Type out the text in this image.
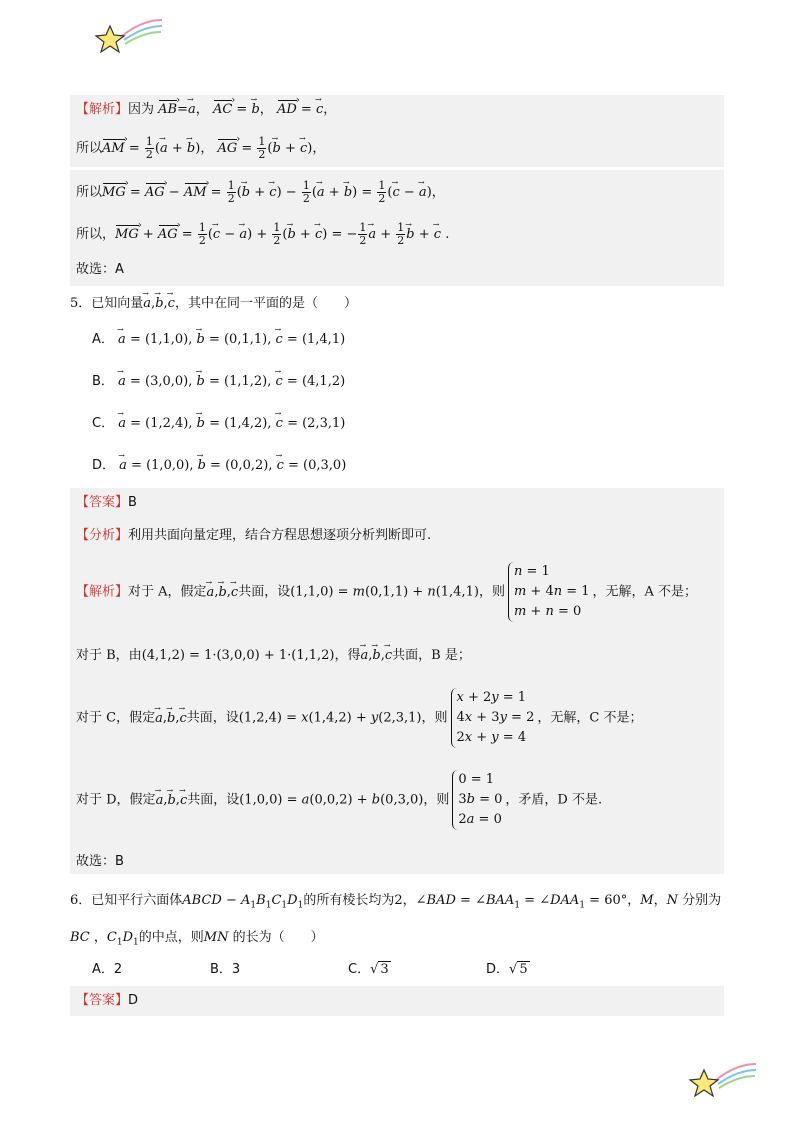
【解析】因为 AB ›=a →， AC › = b →， AD › = c →，
所以AM › = $\frac{1}{2} (a$ → + b →)， AG › = $\frac{1}{2} (b$ → + c →)，
所以MG › = AG › − AM › = $\frac{1}{2} (b$ → + c →) − $\frac{1}{2} (a$ → + b →) = $\frac{1}{2} (c$ → − a →)，
所以，MG › + AG › = $\frac{1}{2} (c$ → − a →) + $\frac{1}{2} (b$ → + c →) = − $\frac{1}{2}$ a → + $\frac{1}{2}$ b → + c → .
故选：A
5．已知向量a →,b →,c →，其中在同一平面的是（　　）
A． a → = (1,1,0), b → = (0,1,1), c → = (1,4,1)
B． a → = (3,0,0), b → = (1,1,2), c → = (4,1,2)
C． a → = (1,2,4), b → = (1,4,2), c → = (2,3,1)
D． a → = (1,0,0), b → = (0,0,2), c → = (0,3,0)
【答案】B
【分析】利用共面向量定理，结合方程思想逐项分析判断即可.
【解析】对于 A，假定a →,b →,c →共面，设(1,1,0) = m(0,1,1) + n(1,4,1)，则
n = 1
m + 4n = 1
m + n = 0
，无解，A 不是；
对于 B，由(4,1,2) = 1·(3,0,0) + 1·(1,1,2)，得a →,b →,c →共面，B 是；
对于 C，假定a →,b →,c →共面，设(1,2,4) = x(1,4,2) + y(2,3,1)，则
x + 2y = 1
4x + 3y = 2
2x + y = 4
，无解，C 不是；
对于 D，假定a →,b →,c →共面，设(1,0,0) = a(0,0,2) + b(0,3,0)，则
0 = 1
3b = 0
2a = 0
，矛盾，D 不是.
故选：B
6．已知平行六面体ABCD − $A_1B_1C_1D_1$的所有棱长均为2，∠BAD = $\angle BAA_1$ = $\angle DAA_1 = 60^\circ$，M，N 分别为
BC ，$C_1D_1$的中点，则MN 的长为（　　）
A．2	B．3	C．√ 3	D．√ 5
【答案】D
